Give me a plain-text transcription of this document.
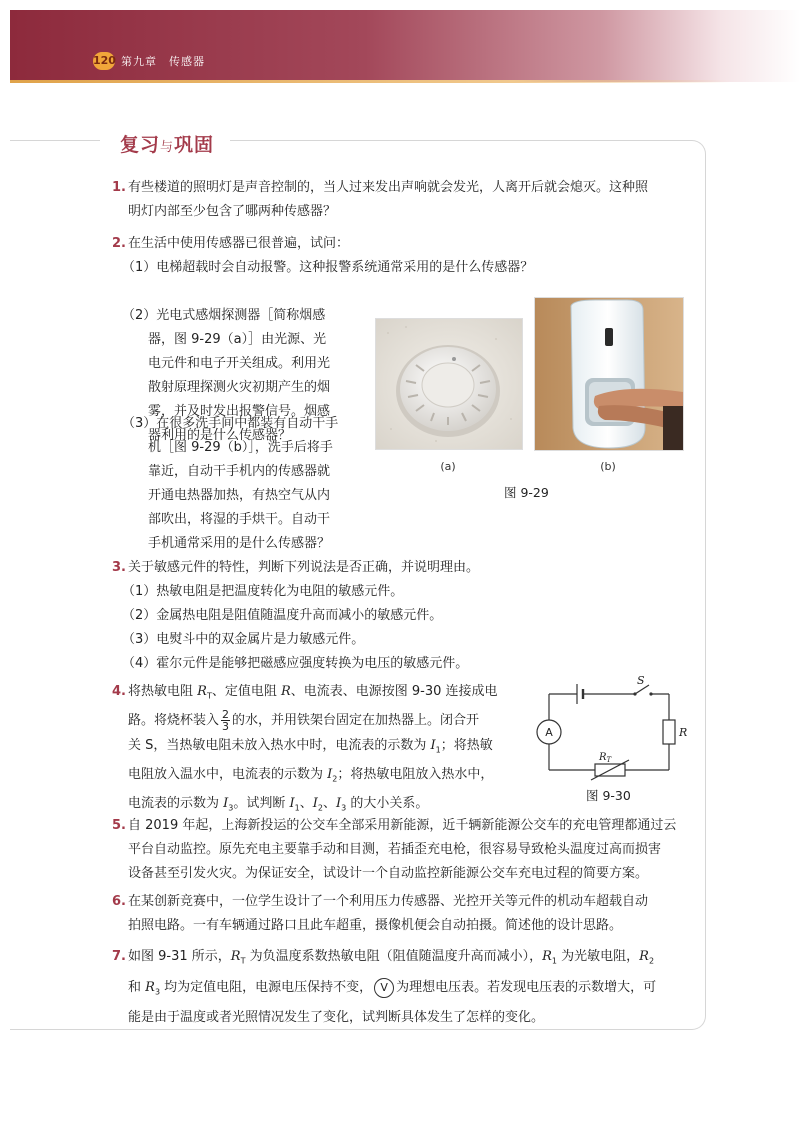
120 第九章　传感器
复习与巩固
1. 有些楼道的照明灯是声音控制的，当人过来发出声响就会发光，人离开后就会熄灭。这种照
明灯内部至少包含了哪两种传感器？
2. 在生活中使用传感器已很普遍，试问：
（1）电梯超载时会自动报警。这种报警系统通常采用的是什么传感器？
（2）光电式感烟探测器［简称烟感
器，图 9-29（a）］由光源、光
电元件和电子开关组成。利用光
散射原理探测火灾初期产生的烟
雾，并及时发出报警信号。烟感
器利用的是什么传感器？
（3）在很多洗手间中都装有自动干手
机［图 9-29（b）］，洗手后将手
靠近，自动干手机内的传感器就
开通电热器加热，有热空气从内
部吹出，将湿的手烘干。自动干
手机通常采用的是什么传感器？
(a)	(b)
图 9-29
3. 关于敏感元件的特性，判断下列说法是否正确，并说明理由。
（1）热敏电阻是把温度转化为电阻的敏感元件。
（2）金属热电阻是阻值随温度升高而减小的敏感元件。
（3）电熨斗中的双金属片是力敏感元件。
（4）霍尔元件是能够把磁感应强度转换为电压的敏感元件。
4. 将热敏电阻 $R_T$、定值电阻 R、电流表、电源按图 9-30 连接成电
路。将烧杯装入 $\frac{2}{3}$ 的水，并用铁架台固定在加热器上。闭合开
关 S，当热敏电阻未放入热水中时，电流表的示数为 $I_1$；将热敏
电阻放入温水中，电流表的示数为 $I_2$；将热敏电阻放入热水中，
电流表的示数为 $I_3$。试判断 $I_1$、$I_2$、$I_3$ 的大小关系。
S
A	R
$R_T$
图 9-30
5. 自 2019 年起，上海新投运的公交车全部采用新能源，近千辆新能源公交车的充电管理都通过云
平台自动监控。原先充电主要靠手动和目测，若插歪充电枪，很容易导致枪头温度过高而损害
设备甚至引发火灾。为保证安全，试设计一个自动监控新能源公交车充电过程的简要方案。
6. 在某创新竞赛中，一位学生设计了一个利用压力传感器、光控开关等元件的机动车超载自动
拍照电路。一有车辆通过路口且此车超重，摄像机便会自动拍摄。简述他的设计思路。
7. 如图 9-31 所示，$R_T$ 为负温度系数热敏电阻（阻值随温度升高而减小），$R_1$ 为光敏电阻，$R_2$
和 $R_3$ 均为定值电阻，电源电压保持不变， V 为理想电压表。若发现电压表的示数增大，可
能是由于温度或者光照情况发生了变化，试判断具体发生了怎样的变化。
